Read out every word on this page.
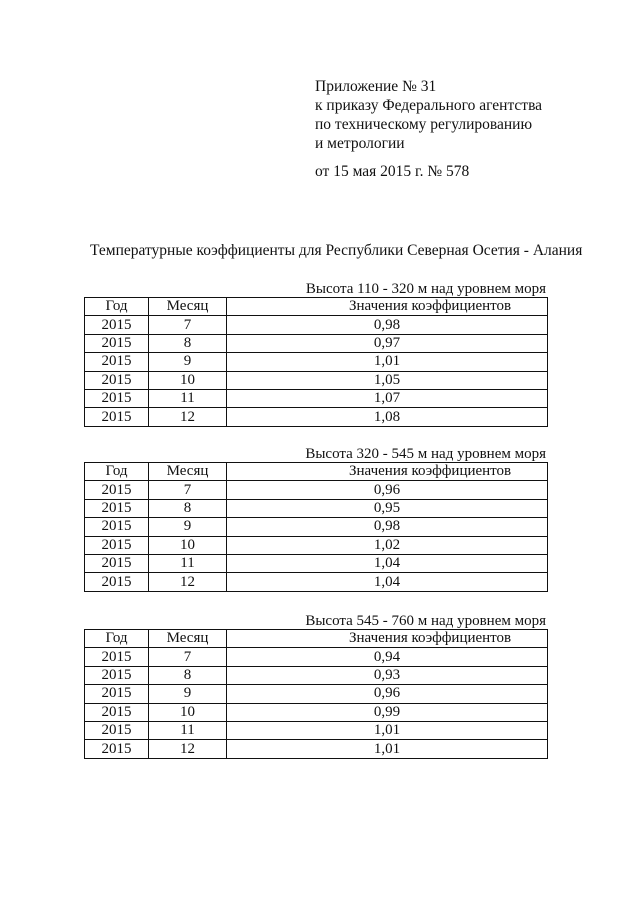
Приложение № 31
к приказу Федерального агентства
по техническому регулированию
и метрологии
от 15 мая 2015 г. № 578
Температурные коэффициенты для Республики Северная Осетия - Алания
Высота 110 - 320 м над уровнем моря
Год	Месяц	Значения коэффициентов
2015	7	0,98
2015	8	0,97
2015	9	1,01
2015	10	1,05
2015	11	1,07
2015	12	1,08
Высота 320 - 545 м над уровнем моря
Год	Месяц	Значения коэффициентов
2015	7	0,96
2015	8	0,95
2015	9	0,98
2015	10	1,02
2015	11	1,04
2015	12	1,04
Высота 545 - 760 м над уровнем моря
Год	Месяц	Значения коэффициентов
2015	7	0,94
2015	8	0,93
2015	9	0,96
2015	10	0,99
2015	11	1,01
2015	12	1,01
